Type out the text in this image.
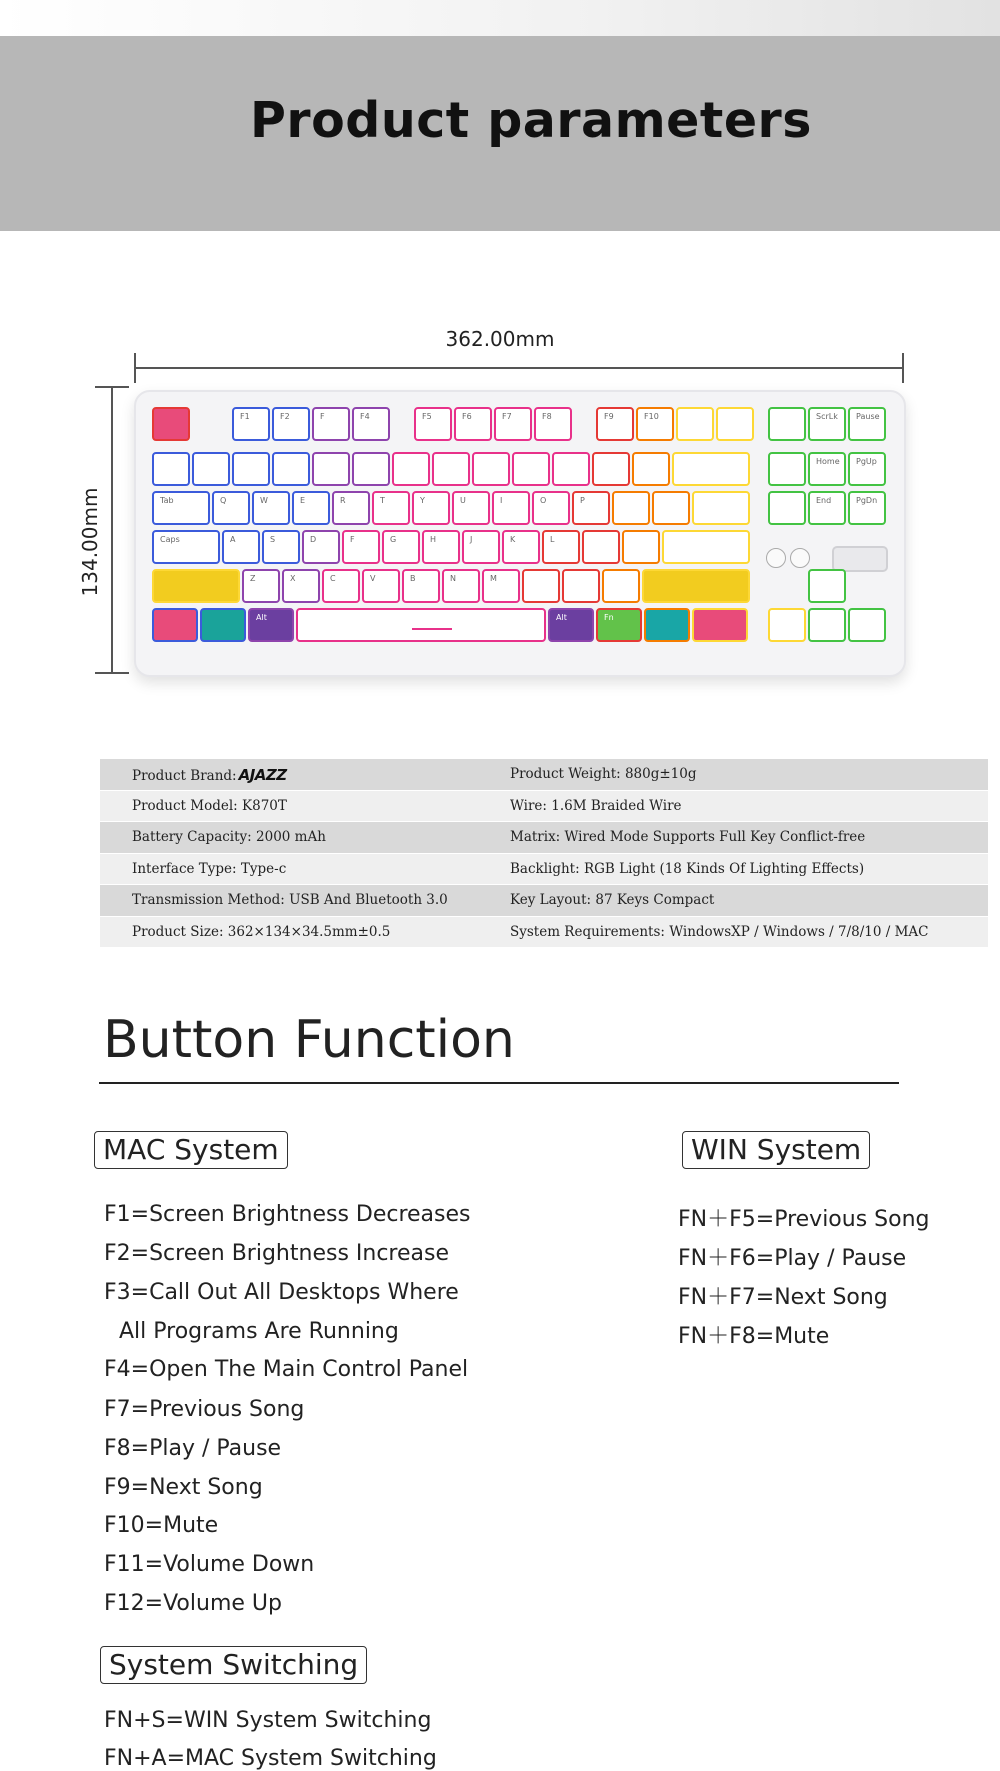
Product parameters
362.00mm
134.00mm
F1	F2	F	F4	F5	F6	F7	F8	F9	F10	ScrLk	Pause
Home	PgUp
Tab	Q	W	E	R	T	Y	U	I	O	P	End	PgDn
Caps	A	S	D	F	G	H	J	K	L
Z	X	C	V	B	N	M
Alt	Alt	Fn
Product Brand: AJAZZ	Product Weight: 880g±10g
Product Model: K870T	Wire: 1.6M Braided Wire
Battery Capacity: 2000 mAh	Matrix: Wired Mode Supports Full Key Conflict-free
Interface Type: Type-c	Backlight: RGB Light (18 Kinds Of Lighting Effects)
Transmission Method: USB And Bluetooth 3.0	Key Layout: 87 Keys Compact
Product Size: 362×134×34.5mm±0.5	System Requirements: WindowsXP / Windows / 7/8/10 / MAC
Button Function
MAC System	WIN System
F1=Screen Brightness Decreases
F2=Screen Brightness Increase
F3=Call Out All Desktops Where
All Programs Are Running
F4=Open The Main Control Panel
F7=Previous Song
F8=Play / Pause
F9=Next Song
F10=Mute
F11=Volume Down
F12=Volume Up
FN＋F5=Previous Song
FN＋F6=Play / Pause
FN＋F7=Next Song
FN＋F8=Mute
System Switching
FN+S=WIN System Switching
FN+A=MAC System Switching
